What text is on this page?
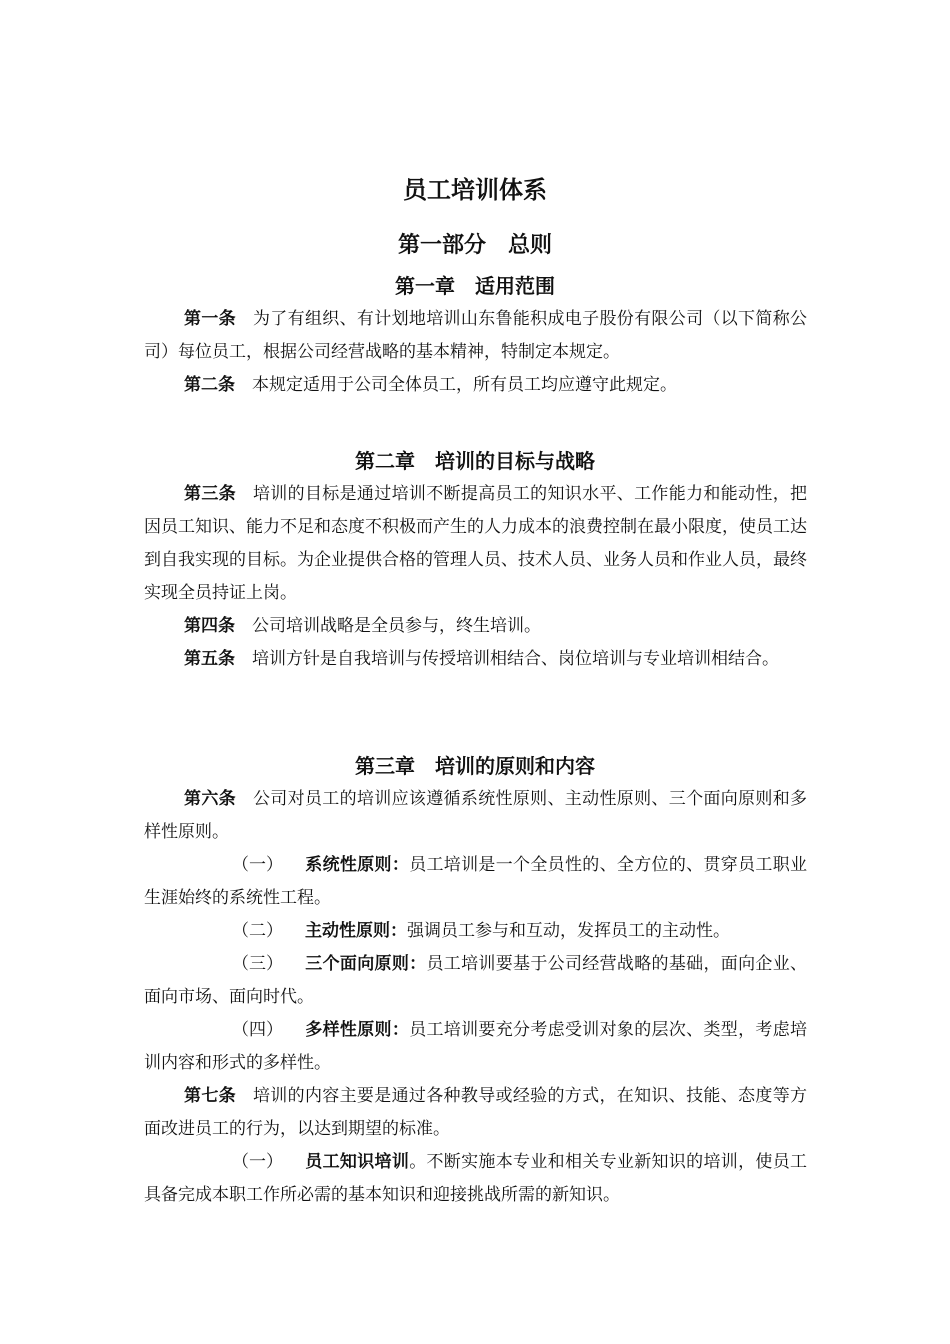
员工培训体系
第一部分　总则
第一章　适用范围

第一条 为了有组织、有计划地培训山东鲁能积成电子股份有限公司（以下简称公司）每位员工，根据公司经营战略的基本精神，特制定本规定。

第二条 本规定适用于公司全体员工，所有员工均应遵守此规定。

第二章　培训的目标与战略

第三条 培训的目标是通过培训不断提高员工的知识水平、工作能力和能动性，把因员工知识、能力不足和态度不积极而产生的人力成本的浪费控制在最小限度，使员工达到自我实现的目标。为企业提供合格的管理人员、技术人员、业务人员和作业人员，最终实现全员持证上岗。

第四条 公司培训战略是全员参与，终生培训。

第五条 培训方针是自我培训与传授培训相结合、岗位培训与专业培训相结合。

第三章　培训的原则和内容

第六条 公司对员工的培训应该遵循系统性原则、主动性原则、三个面向原则和多样性原则。

（一） 系统性原则：员工培训是一个全员性的、全方位的、贯穿员工职业生涯始终的系统性工程。

（二） 主动性原则：强调员工参与和互动，发挥员工的主动性。

（三） 三个面向原则：员工培训要基于公司经营战略的基础，面向企业、面向市场、面向时代。

（四） 多样性原则：员工培训要充分考虑受训对象的层次、类型，考虑培训内容和形式的多样性。

第七条 培训的内容主要是通过各种教导或经验的方式，在知识、技能、态度等方面改进员工的行为，以达到期望的标准。

（一） 员工知识培训。不断实施本专业和相关专业新知识的培训，使员工具备完成本职工作所必需的基本知识和迎接挑战所需的新知识。
